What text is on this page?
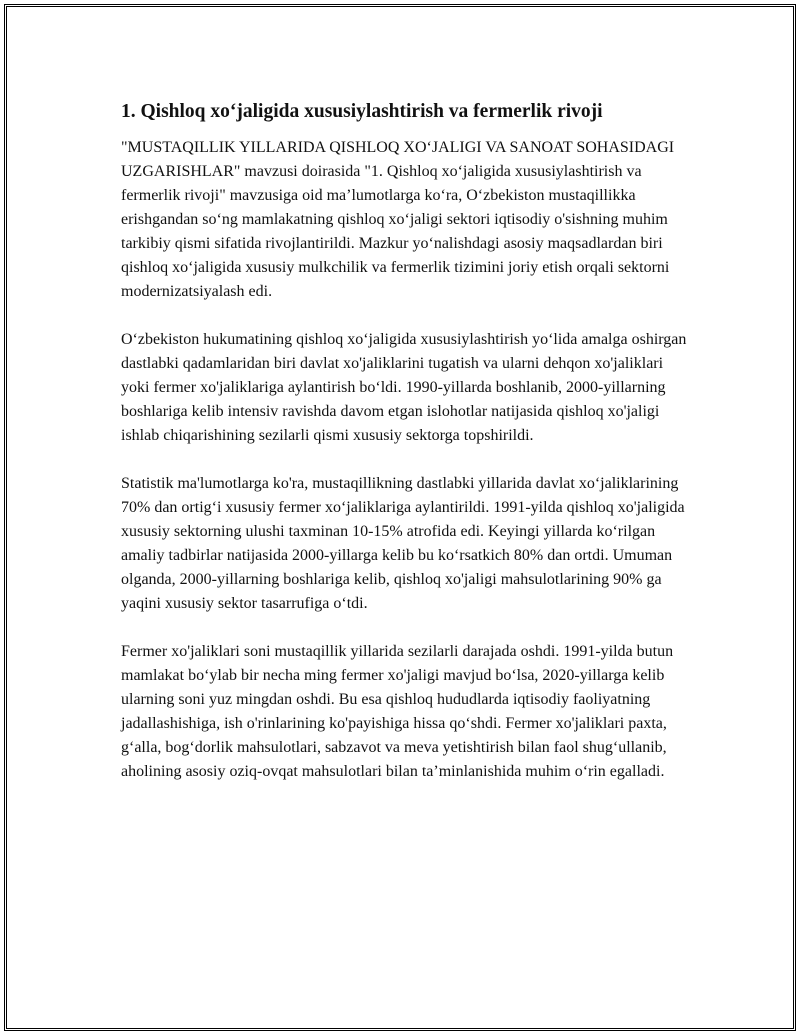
1. Qishloq xo‘jaligida xususiylashtirish va fermerlik rivoji

"MUSTAQILLIK YILLARIDA QISHLOQ XO‘JALIGI VA SANOAT SOHASIDAGI UZGARISHLAR" mavzusi doirasida "1. Qishloq xo‘jaligida xususiylashtirish va fermerlik rivoji" mavzusiga oid ma’lumotlarga ko‘ra, O‘zbekiston mustaqillikka erishgandan so‘ng mamlakatning qishloq xo‘jaligi sektori iqtisodiy o'sishning muhim tarkibiy qismi sifatida rivojlantirildi. Mazkur yo‘nalishdagi asosiy maqsadlardan biri qishloq xo‘jaligida xususiy mulkchilik va fermerlik tizimini joriy etish orqali sektorni modernizatsiyalash edi.

O‘zbekiston hukumatining qishloq xo‘jaligida xususiylashtirish yo‘lida amalga oshirgan dastlabki qadamlaridan biri davlat xo'jaliklarini tugatish va ularni dehqon xo'jaliklari yoki fermer xo'jaliklariga aylantirish bo‘ldi. 1990-yillarda boshlanib, 2000-yillarning boshlariga kelib intensiv ravishda davom etgan islohotlar natijasida qishloq xo'jaligi ishlab chiqarishining sezilarli qismi xususiy sektorga topshirildi.

Statistik ma'lumotlarga ko'ra, mustaqillikning dastlabki yillarida davlat xo‘jaliklarining 70% dan ortig‘i xususiy fermer xo‘jaliklariga aylantirildi. 1991-yilda qishloq xo'jaligida xususiy sektorning ulushi taxminan 10-15% atrofida edi. Keyingi yillarda ko‘rilgan amaliy tadbirlar natijasida 2000-yillarga kelib bu ko‘rsatkich 80% dan ortdi. Umuman olganda, 2000-yillarning boshlariga kelib, qishloq xo'jaligi mahsulotlarining 90% ga yaqini xususiy sektor tasarrufiga o‘tdi.

Fermer xo'jaliklari soni mustaqillik yillarida sezilarli darajada oshdi. 1991-yilda butun mamlakat bo‘ylab bir necha ming fermer xo'jaligi mavjud bo‘lsa, 2020-yillarga kelib ularning soni yuz mingdan oshdi. Bu esa qishloq hududlarda iqtisodiy faoliyatning jadallashishiga, ish o'rinlarining ko'payishiga hissa qo‘shdi. Fermer xo'jaliklari paxta, g‘alla, bog‘dorlik mahsulotlari, sabzavot va meva yetishtirish bilan faol shug‘ullanib, aholining asosiy oziq-ovqat mahsulotlari bilan ta’minlanishida muhim o‘rin egalladi.
